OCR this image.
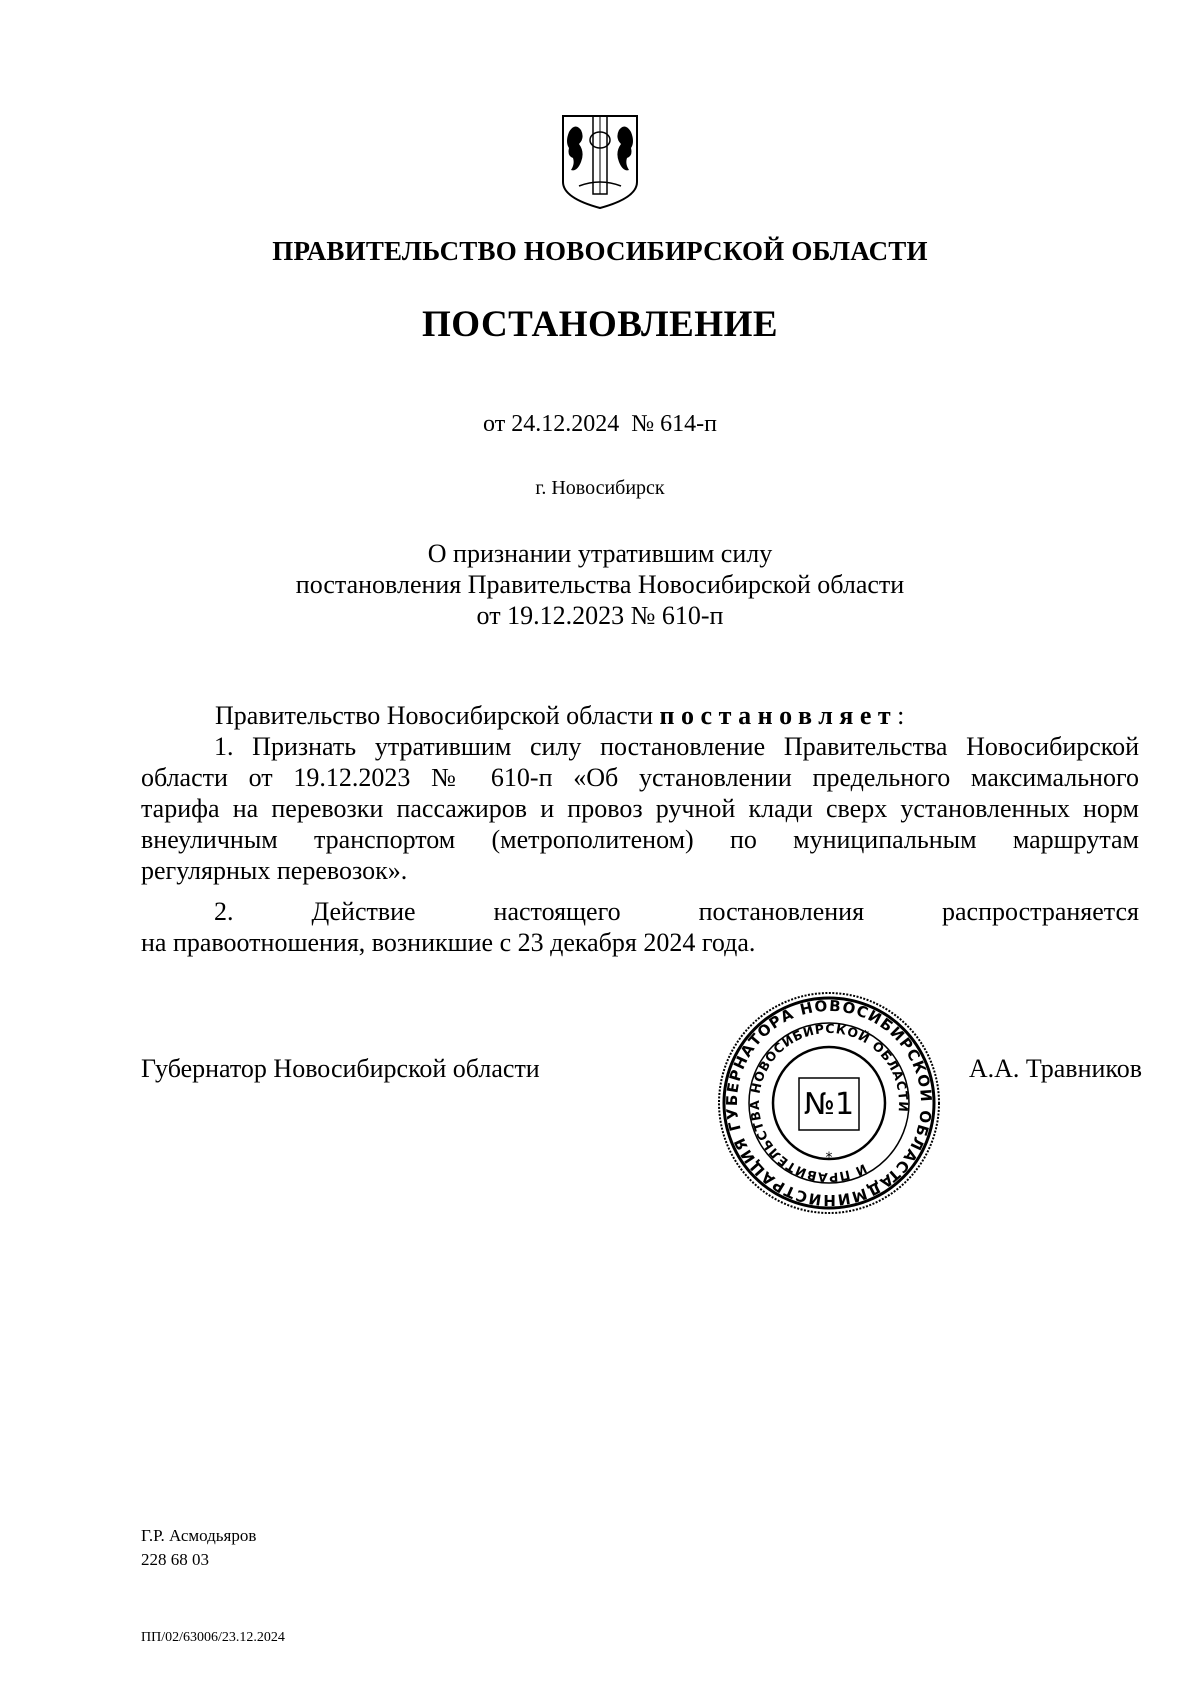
ПРАВИТЕЛЬСТВО НОВОСИБИРСКОЙ ОБЛАСТИ
ПОСТАНОВЛЕНИЕ
от 24.12.2024  № 614-п
г. Новосибирск
О признании утратившим силу
постановления Правительства Новосибирской области
от 19.12.2023 № 610-п
Правительство Новосибирской области постановляет:
1. Признать утратившим силу постановление Правительства Новосибирской
области от 19.12.2023 № 610-п «Об установлении предельного максимального
тарифа на перевозки пассажиров и провоз ручной клади сверх установленных норм
внеуличным транспортом (метрополитеном) по муниципальным маршрутам
регулярных перевозок».
2. Действие настоящего постановления распространяется
на правоотношения, возникшие с 23 декабря 2024 года.
Губернатор Новосибирской области
АДМИНИСТРАЦИЯ ГУБЕРНАТОРА НОВОСИБИРСКОЙ ОБЛАСТИ
И ПРАВИТЕЛЬСТВА НОВОСИБИРСКОЙ ОБЛАСТИ
№1
*
А.А. Травников
Г.Р. Асмодьяров
228 68 03
ПП/02/63006/23.12.2024
